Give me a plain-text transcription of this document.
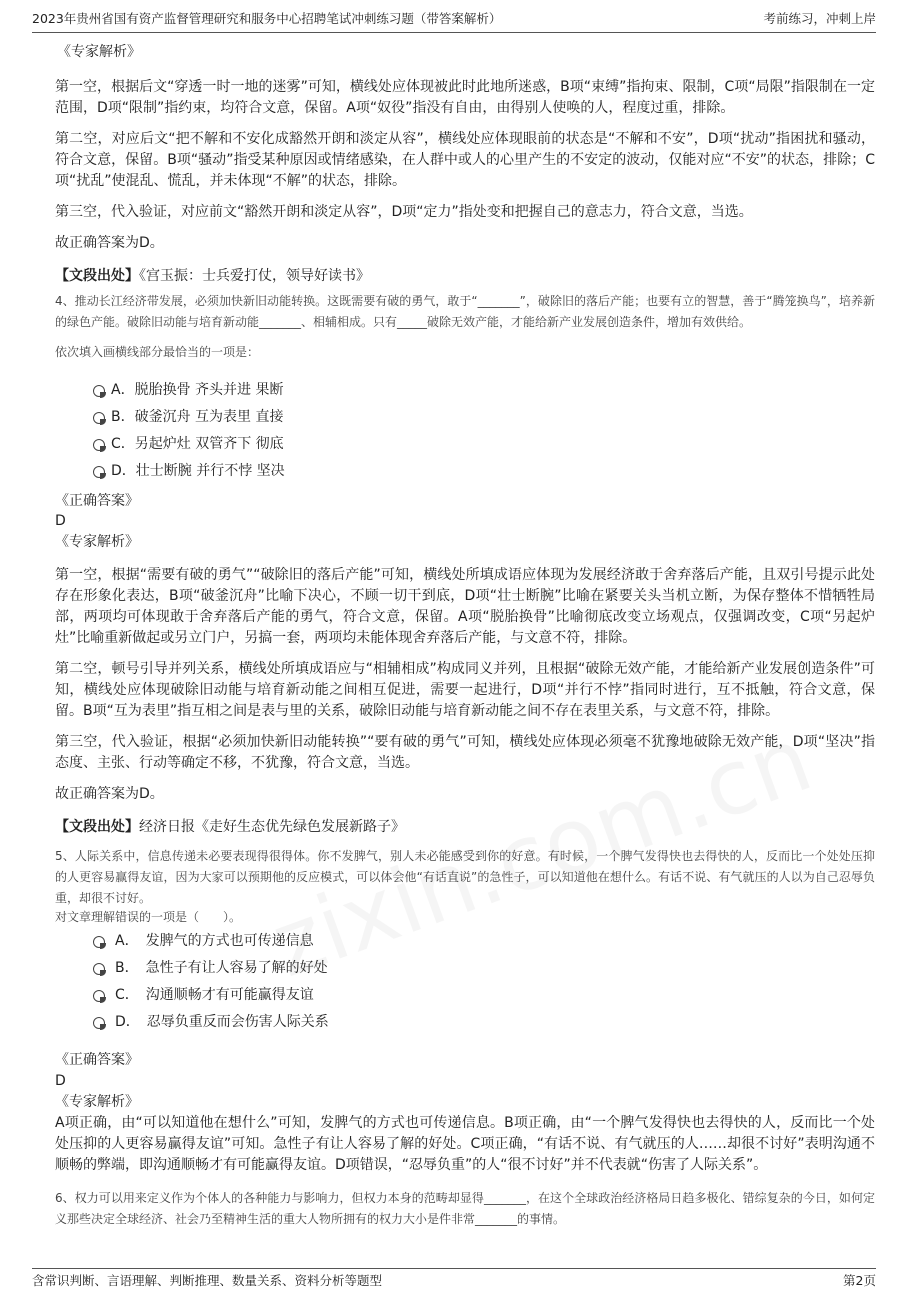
2023年贵州省国有资产监督管理研究和服务中心招聘笔试冲刺练习题（带答案解析）	考前练习，冲刺上岸

《专家解析》

第一空，根据后文“穿透一时一地的迷雾”可知，横线处应体现被此时此地所迷惑，B项“束缚”指拘束、限制，C项“局限”指限制在一定范围，D项“限制”指约束，均符合文意，保留。A项“奴役”指没有自由，由得别人使唤的人，程度过重，排除。

第二空，对应后文“把不解和不安化成豁然开朗和淡定从容”，横线处应体现眼前的状态是“不解和不安”，D项“扰动”指困扰和骚动，符合文意，保留。B项“骚动”指受某种原因或情绪感染，在人群中或人的心里产生的不安定的波动，仅能对应“不安”的状态，排除；C项“扰乱”使混乱、慌乱，并未体现“不解”的状态，排除。

第三空，代入验证，对应前文“豁然开朗和淡定从容”，D项“定力”指处变和把握自己的意志力，符合文意，当选。

故正确答案为D。

【文段出处】《宫玉振：士兵爱打仗，领导好读书》

4、推动长江经济带发展，必须加快新旧动能转换。这既需要有破的勇气，敢于“_______”，破除旧的落后产能；也要有立的智慧，善于“腾笼换鸟”，培养新的绿色产能。破除旧动能与培育新动能_______、相辅相成。只有_____破除无效产能，才能给新产业发展创造条件，增加有效供给。

依次填入画横线部分最恰当的一项是：

A．脱胎换骨 齐头并进 果断
B．破釜沉舟 互为表里 直接
C．另起炉灶 双管齐下 彻底
D．壮士断腕 并行不悖 坚决

《正确答案》

D

《专家解析》

第一空，根据“需要有破的勇气”“破除旧的落后产能”可知，横线处所填成语应体现为发展经济敢于舍弃落后产能，且双引号提示此处存在形象化表达，B项“破釜沉舟”比喻下决心，不顾一切干到底，D项“壮士断腕”比喻在紧要关头当机立断，为保存整体不惜牺牲局部，两项均可体现敢于舍弃落后产能的勇气，符合文意，保留。A项“脱胎换骨”比喻彻底改变立场观点，仅强调改变，C项“另起炉灶”比喻重新做起或另立门户，另搞一套，两项均未能体现舍弃落后产能，与文意不符，排除。

第二空，顿号引导并列关系，横线处所填成语应与“相辅相成”构成同义并列，且根据“破除无效产能，才能给新产业发展创造条件”可知，横线处应体现破除旧动能与培育新动能之间相互促进，需要一起进行，D项“并行不悖”指同时进行，互不抵触，符合文意，保留。B项“互为表里”指互相之间是表与里的关系，破除旧动能与培育新动能之间不存在表里关系，与文意不符，排除。

第三空，代入验证，根据“必须加快新旧动能转换”“要有破的勇气”可知，横线处应体现必须毫不犹豫地破除无效产能，D项“坚决”指态度、主张、行动等确定不移，不犹豫，符合文意，当选。

故正确答案为D。

【文段出处】经济日报《走好生态优先绿色发展新路子》

5、人际关系中，信息传递未必要表现得很得体。你不发脾气，别人未必能感受到你的好意。有时候，一个脾气发得快也去得快的人，反而比一个处处压抑的人更容易赢得友谊，因为大家可以预期他的反应模式，可以体会他“有话直说”的急性子，可以知道他在想什么。有话不说、有气就压的人以为自己忍辱负重，却很不讨好。

对文章理解错误的一项是（　　）。

A．　发脾气的方式也可传递信息
B．　急性子有让人容易了解的好处
C．　沟通顺畅才有可能赢得友谊
D．　忍辱负重反而会伤害人际关系

《正确答案》

D

《专家解析》

A项正确，由“可以知道他在想什么”可知，发脾气的方式也可传递信息。B项正确，由“一个脾气发得快也去得快的人，反而比一个处处压抑的人更容易赢得友谊”可知。急性子有让人容易了解的好处。C项正确，“有话不说、有气就压的人……却很不讨好”表明沟通不顺畅的弊端，即沟通顺畅才有可能赢得友谊。D项错误，“忍辱负重”的人“很不讨好”并不代表就“伤害了人际关系”。

6、权力可以用来定义作为个体人的各种能力与影响力，但权力本身的范畴却显得_______，在这个全球政治经济格局日趋多极化、错综复杂的今日，如何定义那些决定全球经济、社会乃至精神生活的重大人物所拥有的权力大小是件非常_______的事情。

含常识判断、言语理解、判断推理、数量关系、资料分析等题型	第2页
